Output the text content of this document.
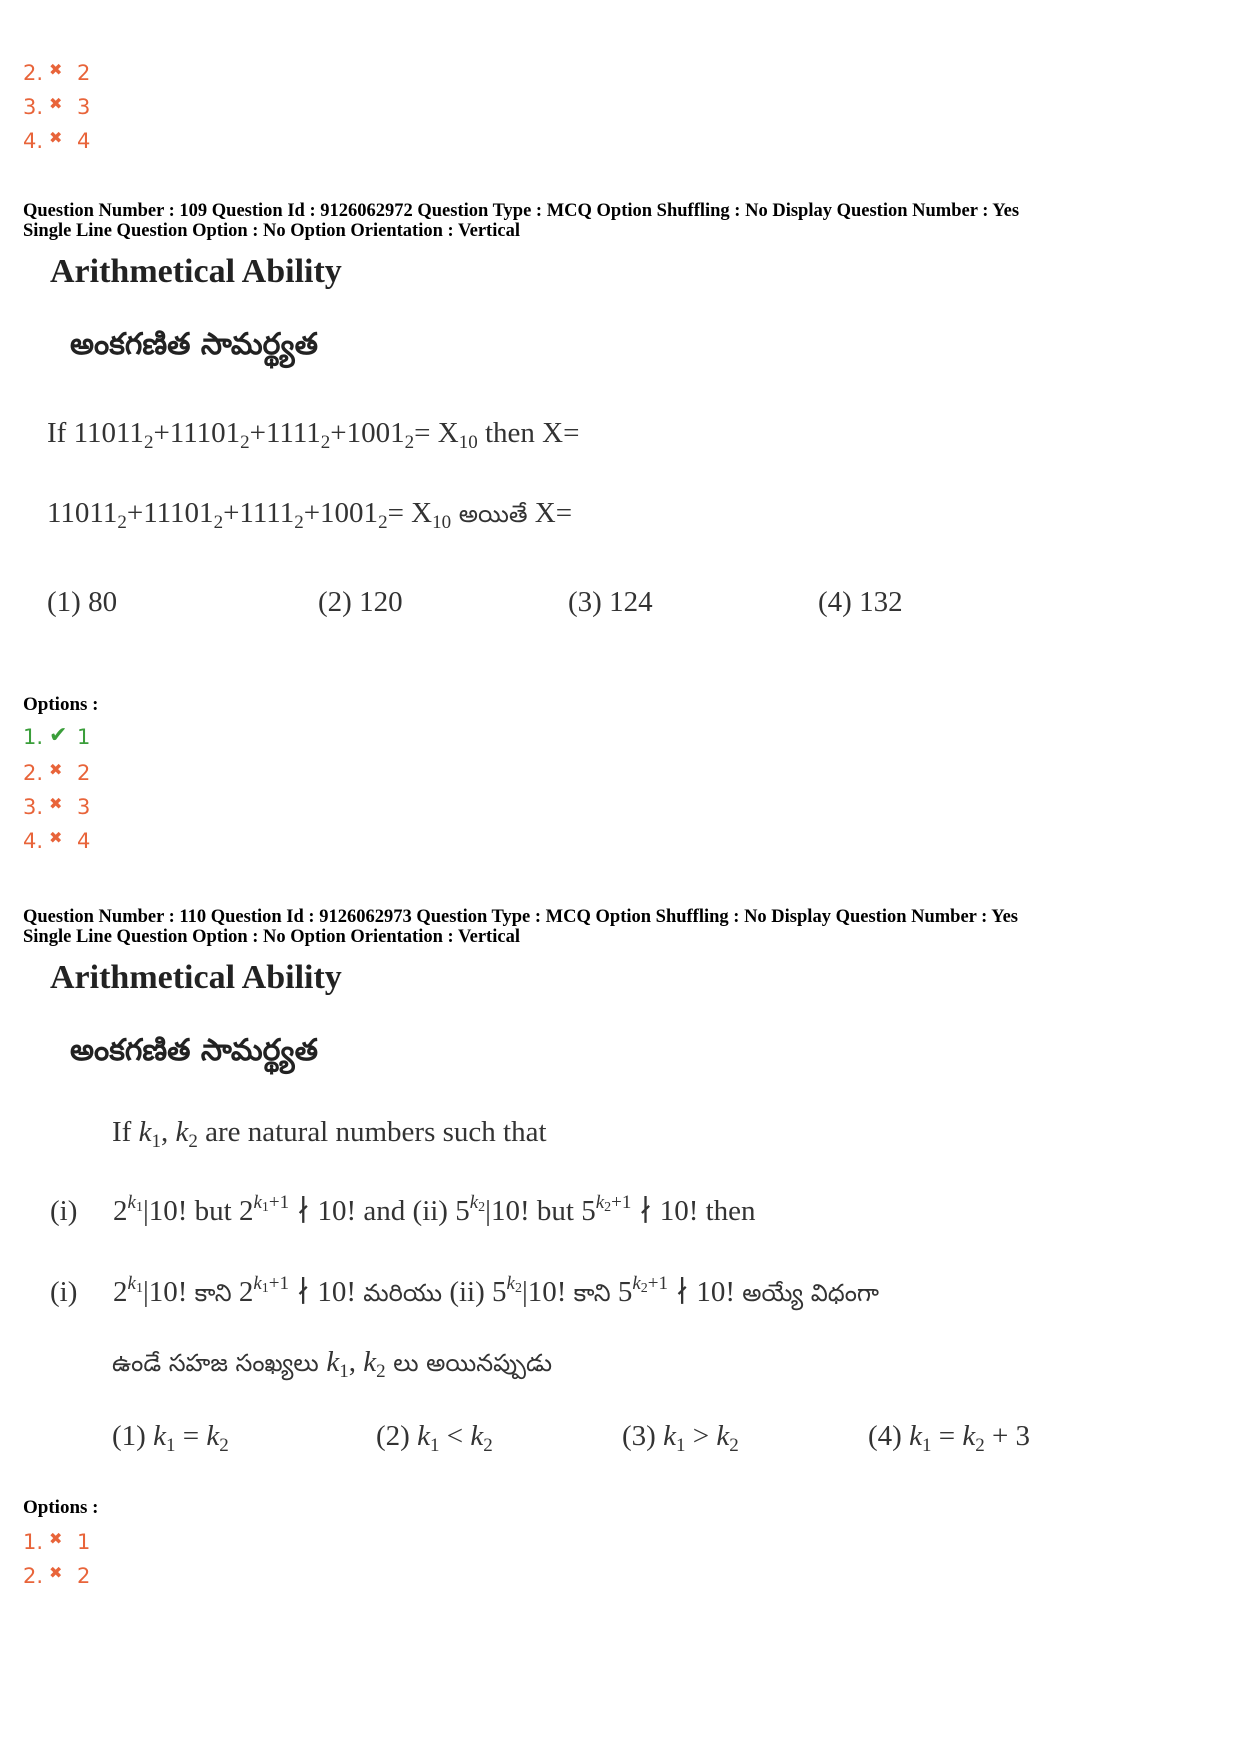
2. ✖ 2
3. ✖ 3
4. ✖ 4
Question Number : 109 Question Id : 9126062972 Question Type : MCQ Option Shuffling : No Display Question Number : Yes
Single Line Question Option : No Option Orientation : Vertical
Arithmetical Ability
అంకగణిత సామర్థ్యత
If $11011_2+11101_2+1111_2+1001_2= X_{10}$ then X=
$11011_2+11101_2+1111_2+1001_2= X_{10}$ అయితే X=
(1) 80	(2) 120	(3) 124	(4) 132
Options :
1. ✔ 1
2. ✖ 2
3. ✖ 3
4. ✖ 4
Question Number : 110 Question Id : 9126062973 Question Type : MCQ Option Shuffling : No Display Question Number : Yes
Single Line Question Option : No Option Orientation : Vertical
Arithmetical Ability
అంకగణిత సామర్థ్యత
If $k_1$, $k_2$ are natural numbers such that
(i) $2^{k_1}|10$! but $2^{k_1+1}$ ∤ 10! and (ii) $5^{k_2}|10$! but $5^{k_2+1}$ ∤ 10! then
(i) $2^{k_1}|10$! కాని $2^{k_1+1}$ ∤ 10! మరియు (ii) $5^{k_2}|10$! కాని $5^{k_2+1}$ ∤ 10! అయ్యే విధంగా
ఉండే సహజ సంఖ్యలు $k_1$, $k_2$ లు అయినప్పుడు
(1) $k_1 = k_2$	(2) $k_1 < k_2$	(3) $k_1 > k_2$	(4) $k_1 = k_2 + 3$
Options :
1. ✖ 1
2. ✖ 2
